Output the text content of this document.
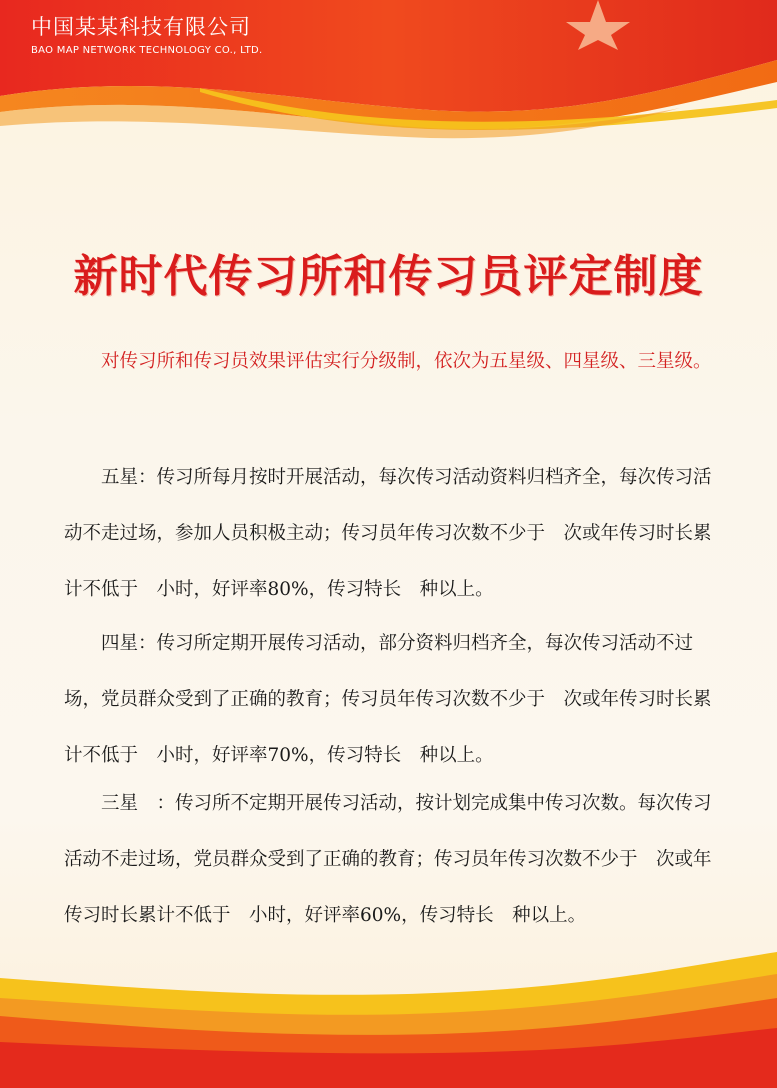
中国某某科技有限公司
BAO MAP NETWORK TECHNOLOGY CO., LTD.
新时代传习所和传习员评定制度

对传习所和传习员效果评估实行分级制，依次为五星级、四星级、三星级。

五星：传习所每月按时开展活动，每次传习活动资料归档齐全，每次传习活动不走过场，参加人员积极主动；传习员年传习次数不少于　次或年传习时长累计不低于　小时，好评率80%，传习特长　种以上。

四星：传习所定期开展传习活动，部分资料归档齐全，每次传习活动不过场，党员群众受到了正确的教育；传习员年传习次数不少于　次或年传习时长累计不低于　小时，好评率70%，传习特长　种以上。

三星　：传习所不定期开展传习活动，按计划完成集中传习次数。每次传习活动不走过场，党员群众受到了正确的教育；传习员年传习次数不少于　次或年传习时长累计不低于　小时，好评率60%，传习特长　种以上。
